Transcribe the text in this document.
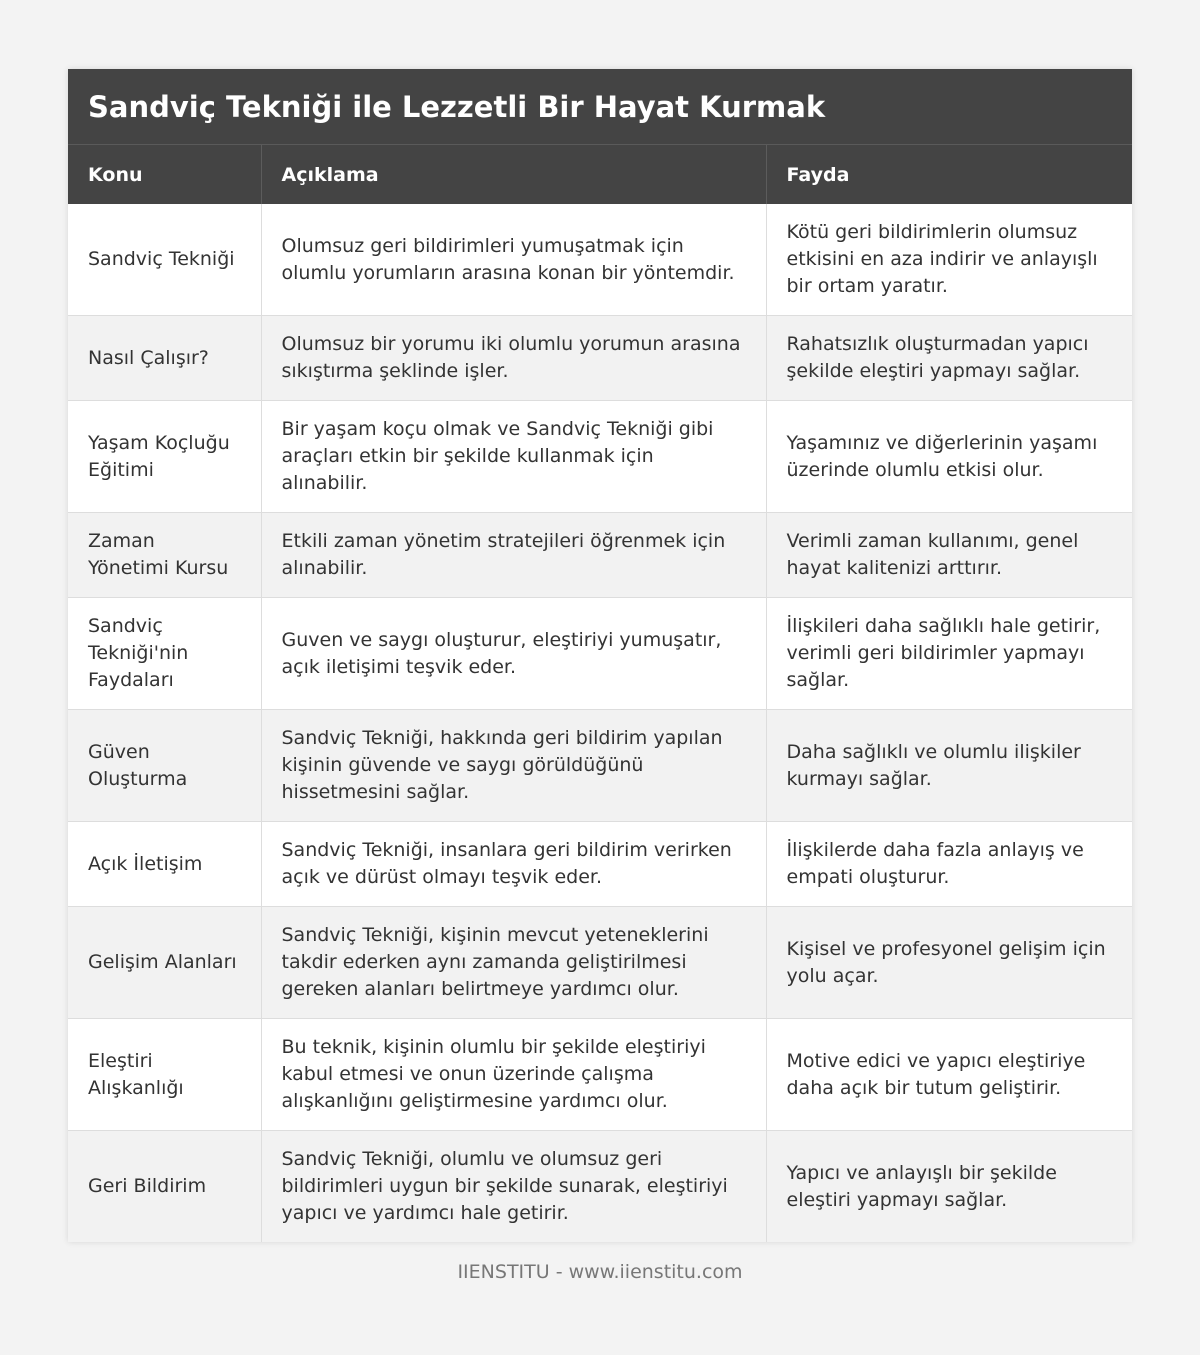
Sandviç Tekniği ile Lezzetli Bir Hayat Kurmak
Konu	Açıklama	Fayda
Sandviç Tekniği	Olumsuz geri bildirimleri yumuşatmak için olumlu yorumların arasına konan bir yöntemdir.	Kötü geri bildirimlerin olumsuz etkisini en aza indirir ve anlayışlı bir ortam yaratır.
Nasıl Çalışır?	Olumsuz bir yorumu iki olumlu yorumun arasına sıkıştırma şeklinde işler.	Rahatsızlık oluşturmadan yapıcı şekilde eleştiri yapmayı sağlar.
Yaşam Koçluğu Eğitimi	Bir yaşam koçu olmak ve Sandviç Tekniği gibi araçları etkin bir şekilde kullanmak için alınabilir.	Yaşamınız ve diğerlerinin yaşamı üzerinde olumlu etkisi olur.
Zaman Yönetimi Kursu	Etkili zaman yönetim stratejileri öğrenmek için alınabilir.	Verimli zaman kullanımı, genel hayat kalitenizi arttırır.
Sandviç Tekniği'nin Faydaları	Guven ve saygı oluşturur, eleştiriyi yumuşatır, açık iletişimi teşvik eder.	İlişkileri daha sağlıklı hale getirir, verimli geri bildirimler yapmayı sağlar.
Güven Oluşturma	Sandviç Tekniği, hakkında geri bildirim yapılan kişinin güvende ve saygı görüldüğünü hissetmesini sağlar.	Daha sağlıklı ve olumlu ilişkiler kurmayı sağlar.
Açık İletişim	Sandviç Tekniği, insanlara geri bildirim verirken açık ve dürüst olmayı teşvik eder.	İlişkilerde daha fazla anlayış ve empati oluşturur.
Gelişim Alanları	Sandviç Tekniği, kişinin mevcut yeteneklerini takdir ederken aynı zamanda geliştirilmesi gereken alanları belirtmeye yardımcı olur.	Kişisel ve profesyonel gelişim için yolu açar.
Eleştiri Alışkanlığı	Bu teknik, kişinin olumlu bir şekilde eleştiriyi kabul etmesi ve onun üzerinde çalışma alışkanlığını geliştirmesine yardımcı olur.	Motive edici ve yapıcı eleştiriye daha açık bir tutum geliştirir.
Geri Bildirim	Sandviç Tekniği, olumlu ve olumsuz geri bildirimleri uygun bir şekilde sunarak, eleştiriyi yapıcı ve yardımcı hale getirir.	Yapıcı ve anlayışlı bir şekilde eleştiri yapmayı sağlar.
IIENSTITU - www.iienstitu.com
